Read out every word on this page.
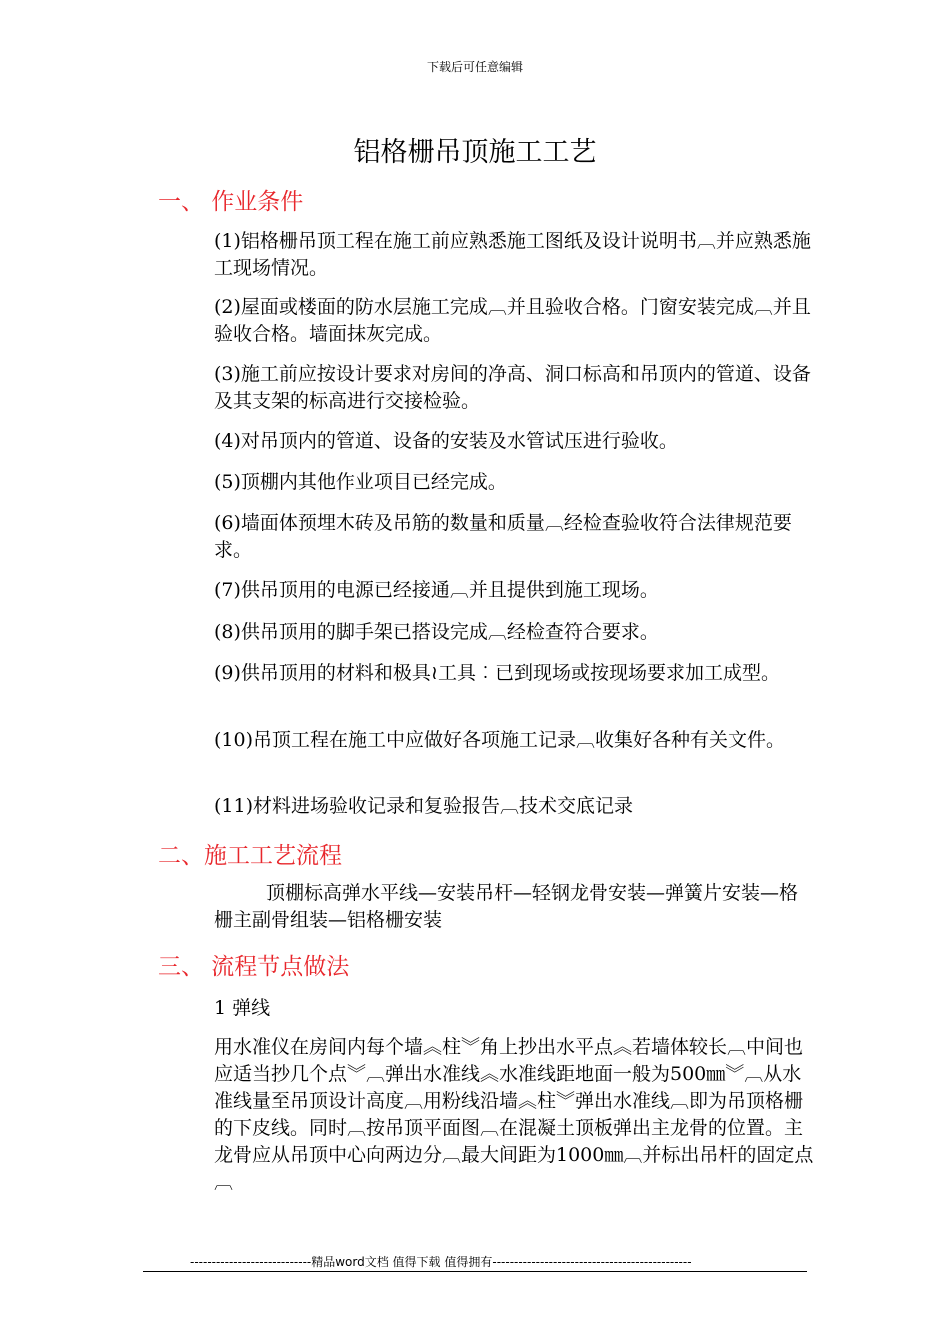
下载后可任意编辑
铝格栅吊顶施工工艺
一、 作业条件
(1)铝格栅吊顶工程在施工前应熟悉施工图纸及设计说明书︹并应熟悉施工现场情况。
(2)屋面或楼面的防水层施工完成︹并且验收合格。门窗安装完成︹并且验收合格。墙面抹灰完成。
(3)施工前应按设计要求对房间的净高、洞口标高和吊顶内的管道、设备及其支架的标高进行交接检验。
(4)对吊顶内的管道、设备的安装及水管试压进行验收。
(5)顶棚内其他作业项目已经完成。
(6)墙面体预埋木砖及吊筋的数量和质量︹经检查验收符合法律规范要求。
(7)供吊顶用的电源已经接通︹并且提供到施工现场。
(8)供吊顶用的脚手架已搭设完成︹经检查符合要求。
(9)供吊顶用的材料和极具≀工具︰已到现场或按现场要求加工成型。
(10)吊顶工程在施工中应做好各项施工记录︹收集好各种有关文件。
(11)材料进场验收记录和复验报告︹技术交底记录
二、施工工艺流程
顶棚标高弹水平线—安装吊杆—轻钢龙骨安装—弹簧片安装—格栅主副骨组装—铝格栅安装
三、 流程节点做法
1 弹线
用水准仪在房间内每个墙︽柱︾角上抄出水平点︽若墙体较长︹中间也应适当抄几个点︾︹弹出水准线︽水准线距地面一般为500㎜︾︹从水准线量至吊顶设计高度︹用粉线沿墙︽柱︾弹出水准线︹即为吊顶格栅的下皮线。同时︹按吊顶平面图︹在混凝土顶板弹出主龙骨的位置。主龙骨应从吊顶中心向两边分︹最大间距为1000㎜︹并标出吊杆的固定点︹
----------------------------精品word文档 值得下载 值得拥有----------------------------------------------
